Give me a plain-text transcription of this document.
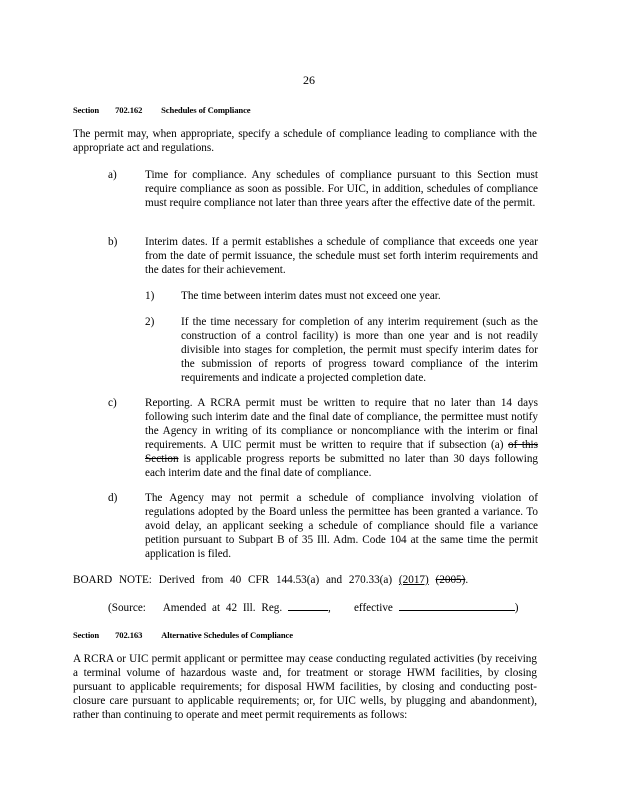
26
Section 702.162 Schedules of Compliance
The permit may, when appropriate, specify a schedule of compliance leading to compliance with the appropriate act and regulations.
a)	Time for compliance. Any schedules of compliance pursuant to this Section must require compliance as soon as possible. For UIC, in addition, schedules of compliance must require compliance not later than three years after the effective date of the permit.
b)	Interim dates. If a permit establishes a schedule of compliance that exceeds one year from the date of permit issuance, the schedule must set forth interim requirements and the dates for their achievement.
1) The time between interim dates must not exceed one year.
2) If the time necessary for completion of any interim requirement (such as the construction of a control facility) is more than one year and is not readily divisible into stages for completion, the permit must specify interim dates for the submission of reports of progress toward compliance of the interim requirements and indicate a projected completion date.
c)	Reporting. A RCRA permit must be written to require that no later than 14 days following such interim date and the final date of compliance, the permittee must notify the Agency in writing of its compliance or noncompliance with the interim or final requirements. A UIC permit must be written to require that if subsection (a) of this Section is applicable progress reports be submitted no later than 30 days following each interim date and the final date of compliance.
d)	The Agency may not permit a schedule of compliance involving violation of regulations adopted by the Board unless the permittee has been granted a variance. To avoid delay, an applicant seeking a schedule of compliance should file a variance petition pursuant to Subpart B of 35 Ill. Adm. Code 104 at the same time the permit application is filed.
BOARD NOTE: Derived from 40 CFR 144.53(a) and 270.33(a) (2017) (2005).
(Source: Amended at 42 Ill. Reg.	,    effective	)
Section 702.163 Alternative Schedules of Compliance
A RCRA or UIC permit applicant or permittee may cease conducting regulated activities (by receiving a terminal volume of hazardous waste and, for treatment or storage HWM facilities, by closing pursuant to applicable requirements; for disposal HWM facilities, by closing and conducting post-closure care pursuant to applicable requirements; or, for UIC wells, by plugging and abandonment), rather than continuing to operate and meet permit requirements as follows:
